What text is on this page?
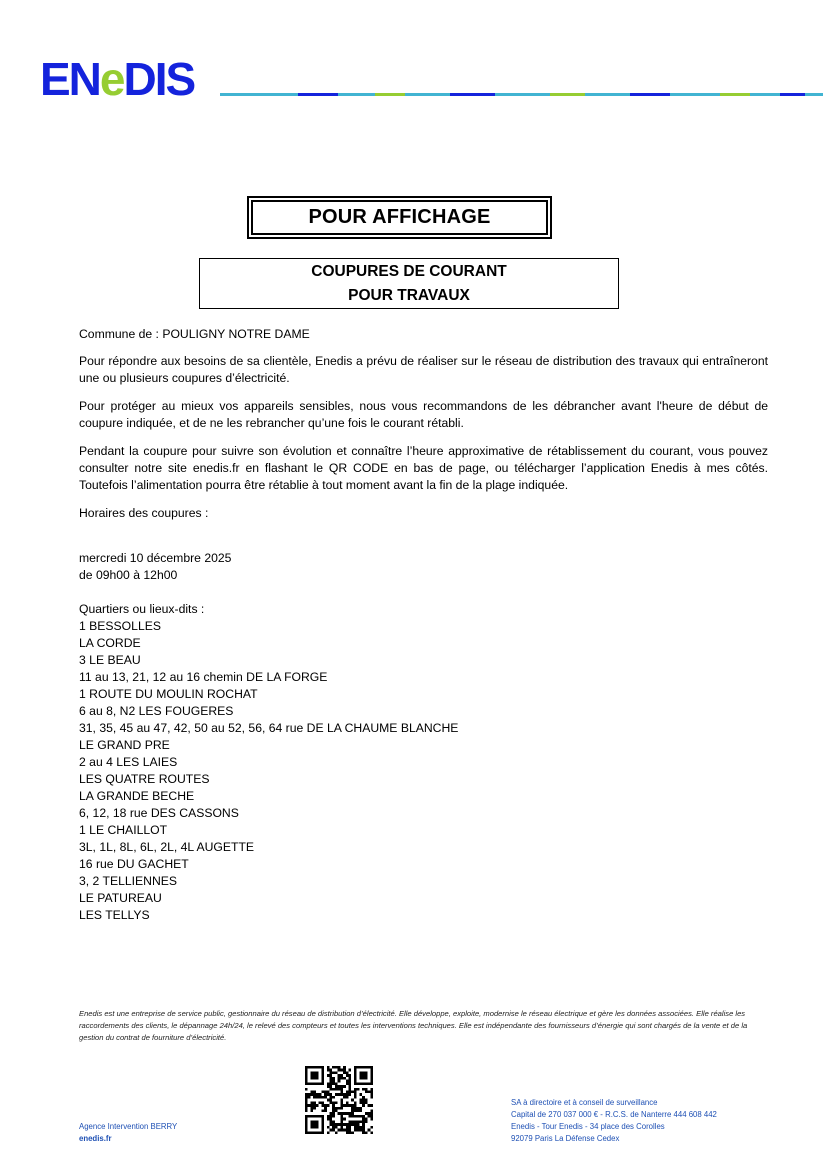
ENeDIS
POUR AFFICHAGE
COUPURES DE COURANT
POUR TRAVAUX

Commune de : POULIGNY NOTRE DAME

Pour répondre aux besoins de sa clientèle, Enedis a prévu de réaliser sur le réseau de distribution des travaux qui entraîneront une ou plusieurs coupures d’électricité.

Pour protéger au mieux vos appareils sensibles, nous vous recommandons de les débrancher avant l'heure de début de coupure indiquée, et de ne les rebrancher qu’une fois le courant rétabli.

Pendant la coupure pour suivre son évolution et connaître l’heure approximative de rétablissement du courant, vous pouvez consulter notre site enedis.fr en flashant le QR CODE en bas de page, ou télécharger l’application Enedis à mes côtés. Toutefois l’alimentation pourra être rétablie à tout moment avant la fin de la plage indiquée.

Horaires des coupures :

mercredi 10 décembre 2025
de 09h00 à 12h00
Quartiers ou lieux-dits :
1 BESSOLLES
LA CORDE
3 LE BEAU
11 au 13, 21, 12 au 16 chemin DE LA FORGE
1 ROUTE DU MOULIN ROCHAT
6 au 8, N2 LES FOUGERES
31, 35, 45 au 47, 42, 50 au 52, 56, 64 rue DE LA CHAUME BLANCHE
LE GRAND PRE
2 au 4 LES LAIES
LES QUATRE ROUTES
LA GRANDE BECHE
6, 12, 18 rue DES CASSONS
1 LE CHAILLOT
3L, 1L, 8L, 6L, 2L, 4L AUGETTE
16 rue DU GACHET
3, 2 TELLIENNES
LE PATUREAU
LES TELLYS
Enedis est une entreprise de service public, gestionnaire du réseau de distribution d’électricité. Elle développe, exploite, modernise le réseau électrique et gère les données associées. Elle réalise les raccordements des clients, le dépannage 24h/24, le relevé des compteurs et toutes les interventions techniques. Elle est indépendante des fournisseurs d’énergie qui sont chargés de la vente et de la gestion du contrat de fourniture d’électricité.
Agence Intervention BERRY
enedis.fr
SA à directoire et à conseil de surveillance
Capital de 270 037 000 € - R.C.S. de Nanterre 444 608 442
Enedis - Tour Enedis - 34 place des Corolles
92079 Paris La Défense Cedex
